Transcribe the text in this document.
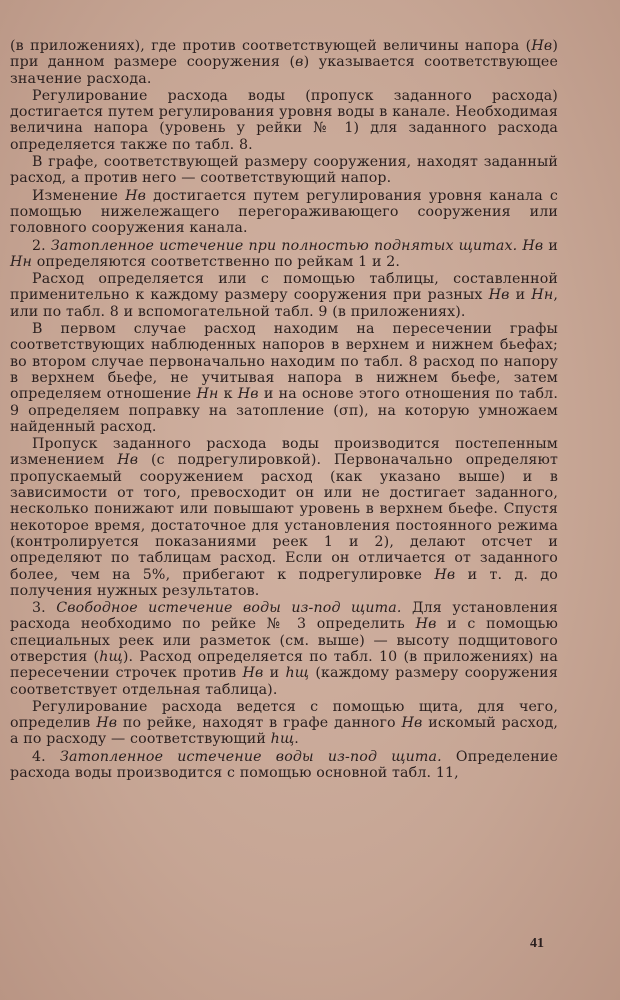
(в приложениях), где против соответствующей величины напора (Нв) при данном размере сооружения (в) указывается соответствующее значение расхода.

Регулирование расхода воды (пропуск заданного расхода) достигается путем регулирования уровня воды в канале. Необходимая величина напора (уровень у рейки № 1) для заданного расхода определяется также по табл. 8.

В графе, соответствующей размеру сооружения, находят заданный расход, а против него — соответствующий напор.

Изменение Нв достигается путем регулирования уровня канала с помощью нижележащего перегораживающего сооружения или головного сооружения канала.

2. Затопленное истечение при полностью поднятых щитах. Нв и Нн определяются соответственно по рейкам 1 и 2.

Расход определяется или с помощью таблицы, составленной применительно к каждому размеру сооружения при разных Нв и Нн, или по табл. 8 и вспомогательной табл. 9 (в приложениях).

В первом случае расход находим на пересечении графы соответствующих наблюденных напоров в верхнем и нижнем бьефах; во втором случае первоначально находим по табл. 8 расход по напору в верхнем бьефе, не учитывая напора в нижнем бьефе, затем определяем отношение Нн к Нв и на основе этого отношения по табл. 9 определяем поправку на затопление (σп), на которую умножаем найденный расход.

Пропуск заданного расхода воды производится постепенным изменением Нв (с подрегулировкой). Первоначально определяют пропускаемый сооружением расход (как указано выше) и в зависимости от того, превосходит он или не достигает заданного, несколько понижают или повышают уровень в верхнем бьефе. Спустя некоторое время, достаточное для установления постоянного режима (контролируется показаниями реек 1 и 2), делают отсчет и определяют по таблицам расход. Если он отличается от заданного более, чем на 5%, прибегают к подрегулировке Нв и т. д. до получения нужных результатов.

3. Свободное истечение воды из-под щита. Для установления расхода необходимо по рейке № 3 определить Нв и с помощью специальных реек или разметок (см. выше) — высоту подщитового отверстия (hщ). Расход определяется по табл. 10 (в приложениях) на пересечении строчек против Нв и hщ (каждому размеру сооружения соответствует отдельная таблица).

Регулирование расхода ведется с помощью щита, для чего, определив Нв по рейке, находят в графе данного Нв искомый расход, а по расходу — соответствующий hщ.

4. Затопленное истечение воды из-под щита. Определение расхода воды производится с помощью основной табл. 11,

41
